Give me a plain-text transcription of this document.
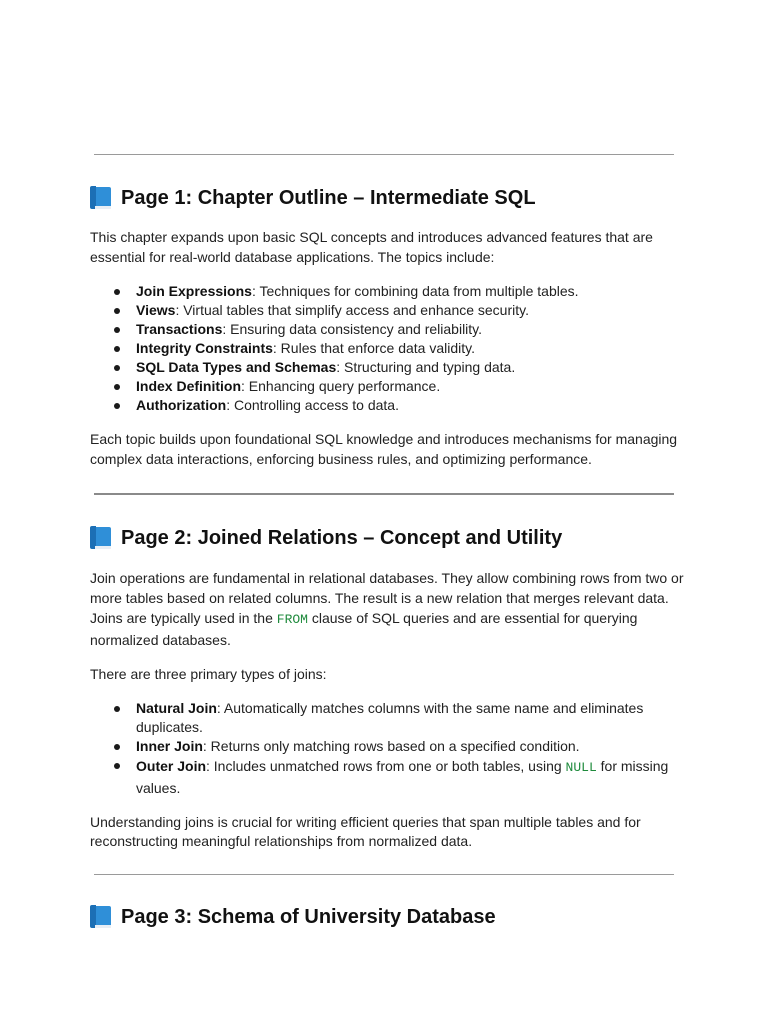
Page 1: Chapter Outline – Intermediate SQL

This chapter expands upon basic SQL concepts and introduces advanced features that are essential for real-world database applications. The topics include:

Join Expressions: Techniques for combining data from multiple tables.
Views: Virtual tables that simplify access and enhance security.
Transactions: Ensuring data consistency and reliability.
Integrity Constraints: Rules that enforce data validity.
SQL Data Types and Schemas: Structuring and typing data.
Index Definition: Enhancing query performance.
Authorization: Controlling access to data.

Each topic builds upon foundational SQL knowledge and introduces mechanisms for managing complex data interactions, enforcing business rules, and optimizing performance.

Page 2: Joined Relations – Concept and Utility

Join operations are fundamental in relational databases. They allow combining rows from two or more tables based on related columns. The result is a new relation that merges relevant data. Joins are typically used in the FROM clause of SQL queries and are essential for querying normalized databases.

There are three primary types of joins:

Natural Join: Automatically matches columns with the same name and eliminates duplicates.
Inner Join: Returns only matching rows based on a specified condition.
Outer Join: Includes unmatched rows from one or both tables, using NULL for missing values.

Understanding joins is crucial for writing efficient queries that span multiple tables and for reconstructing meaningful relationships from normalized data.

Page 3: Schema of University Database
